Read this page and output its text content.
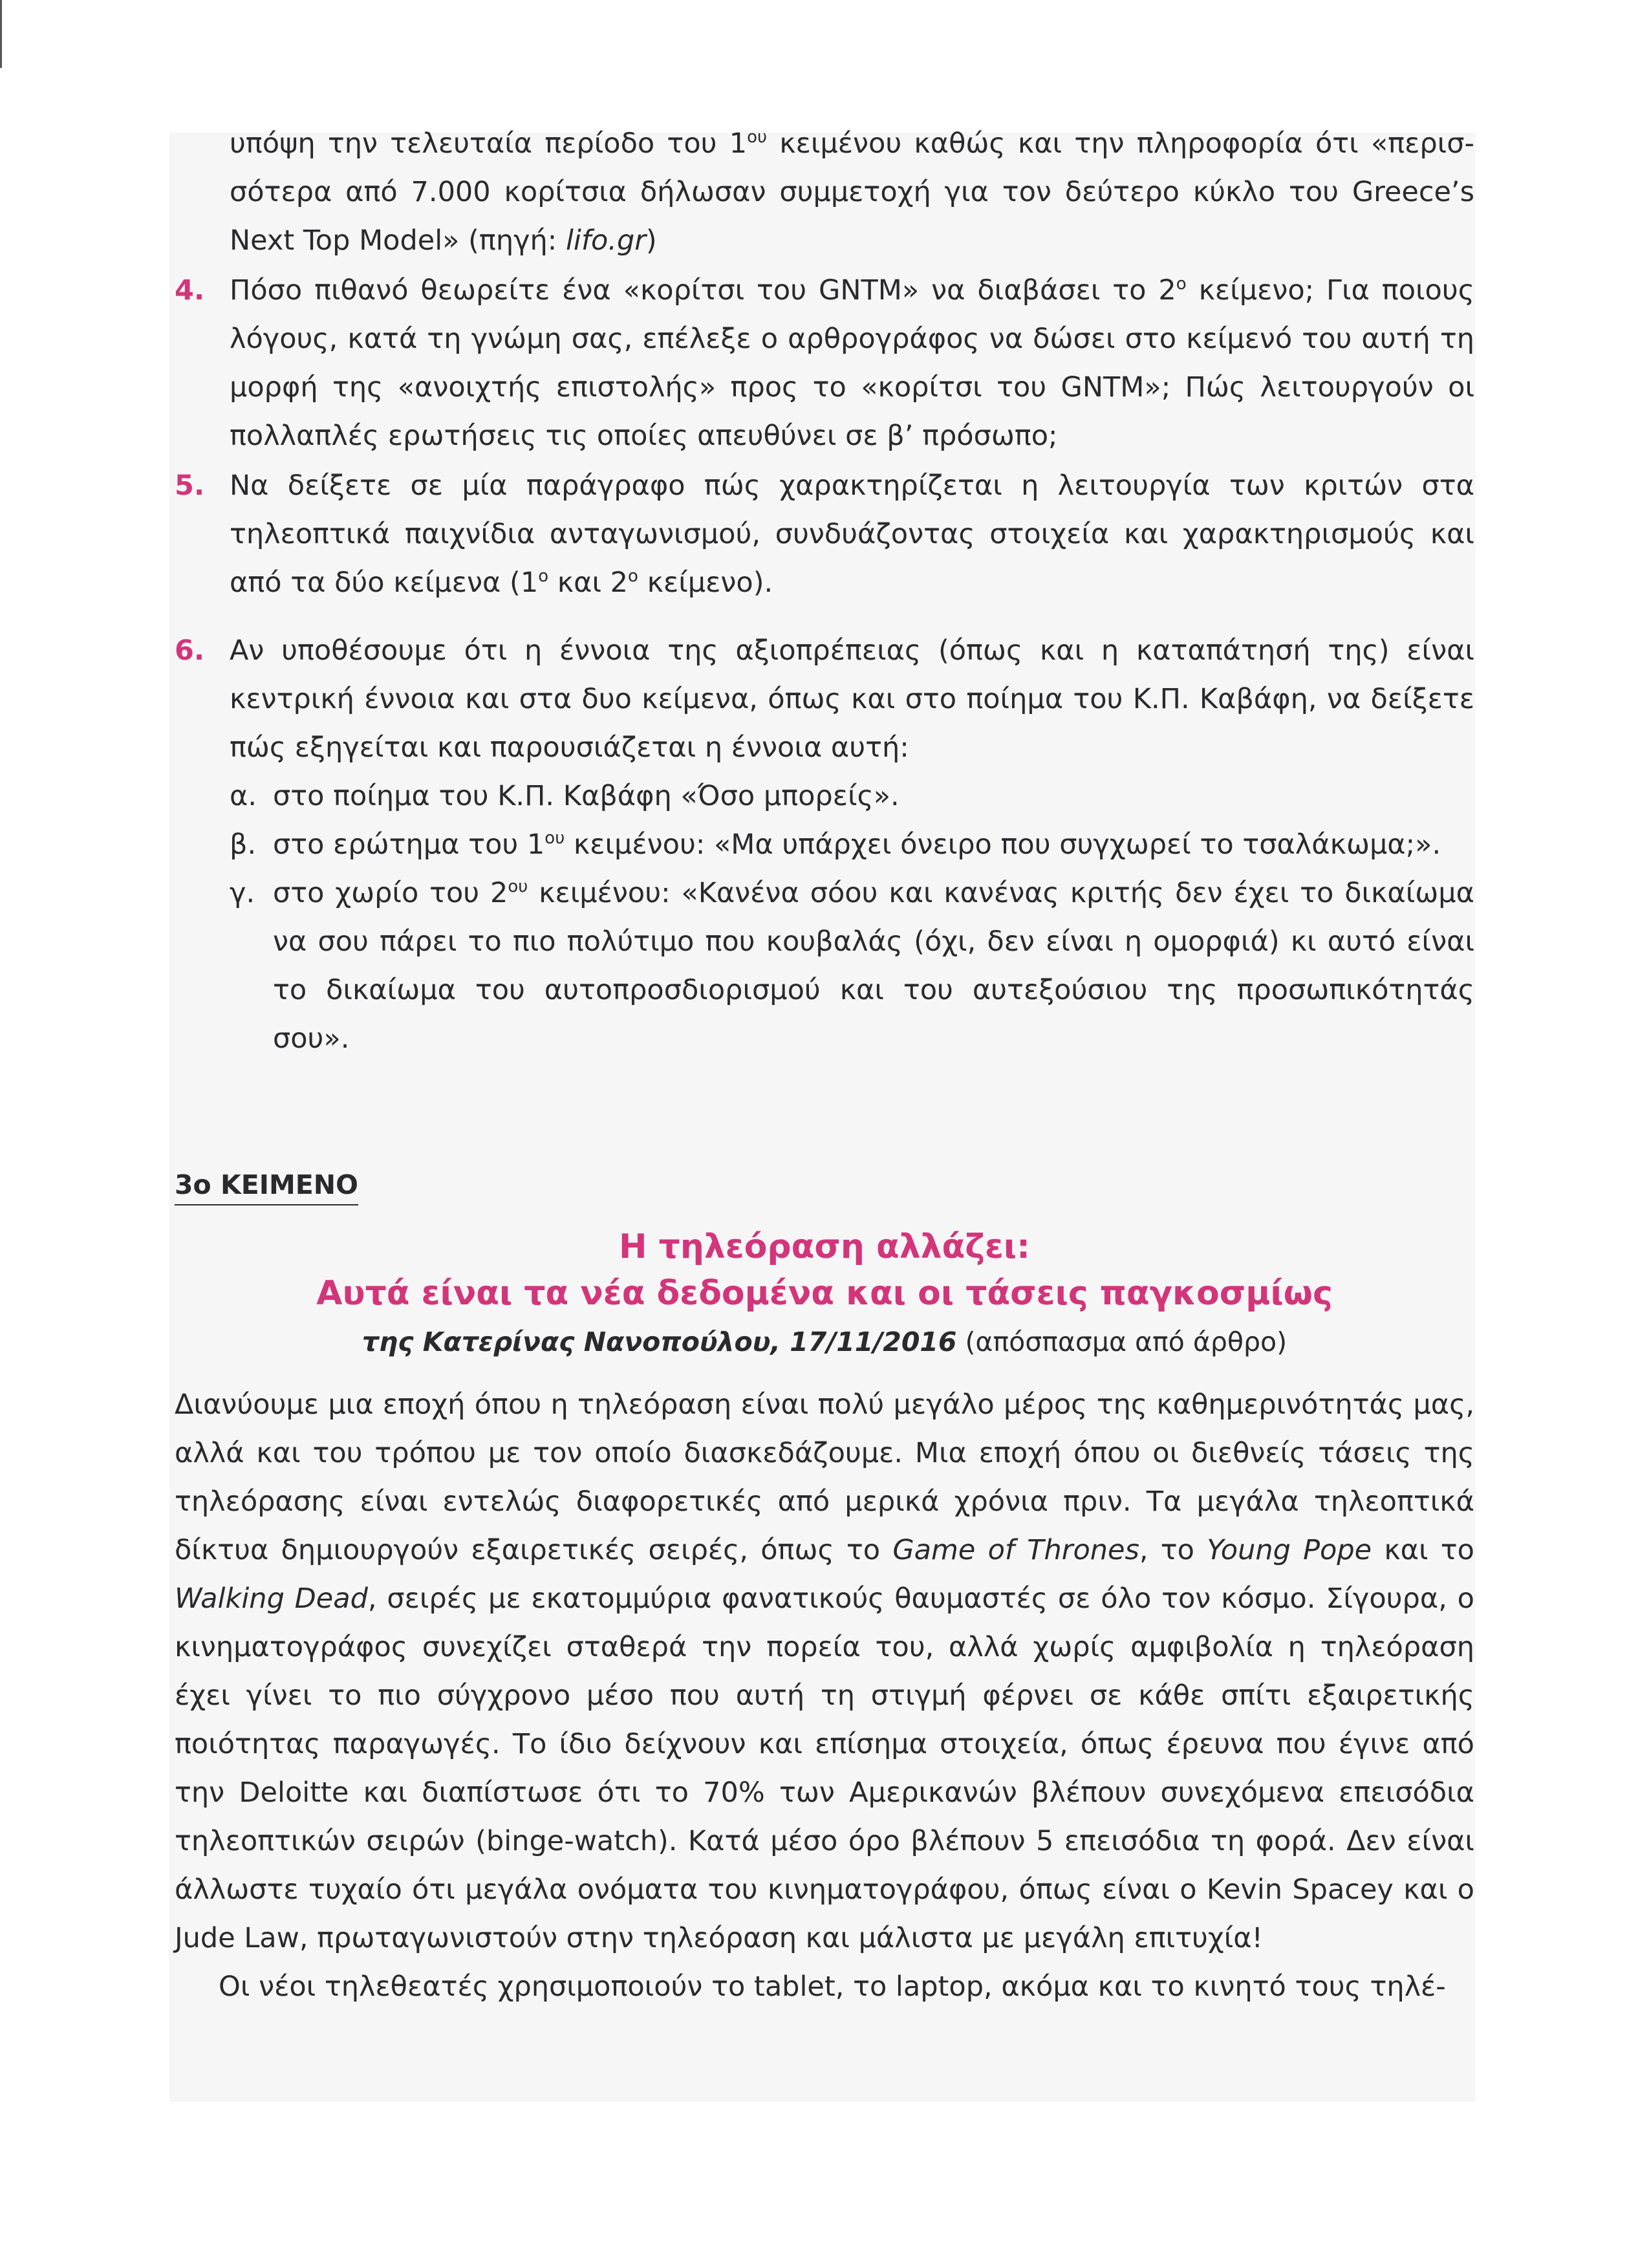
υπόψη την τελευταία περίοδο του $1^{o\upsilon}$ κειμένου καθώς και την πληροφορία ότι «περισσότερα από 7.000 κορίτσια δήλωσαν συμμετοχή για τον δεύτερο κύκλο του Greece’s Next Top Model» (πηγή: lifo.gr)

4. Πόσο πιθανό θεωρείτε ένα «κορίτσι του GNTM» να διαβάσει το $2^o$ κείμενο; Για ποιους λόγους, κατά τη γνώμη σας, επέλεξε ο αρθρογράφος να δώσει στο κείμενό του αυτή τη μορφή της «ανοιχτής επιστολής» προς το «κορίτσι του GNTM»; Πώς λειτουργούν οι πολλαπλές ερωτήσεις τις οποίες απευθύνει σε β’ πρόσωπο;

5. Να δείξετε σε μία παράγραφο πώς χαρακτηρίζεται η λειτουργία των κριτών στα τηλεοπτικά παιχνίδια ανταγωνισμού, συνδυάζοντας στοιχεία και χαρακτηρισμούς και από τα δύο κείμενα ($1^o$ και $2^o$ κείμενο).

6. Αν υποθέσουμε ότι η έννοια της αξιοπρέπειας (όπως και η καταπάτησή της) είναι κεντρική έννοια και στα δυο κείμενα, όπως και στο ποίημα του Κ.Π. Καβάφη, να δείξετε πώς εξηγείται και παρουσιάζεται η έννοια αυτή:

α. στο ποίημα του Κ.Π. Καβάφη «Όσο μπορείς».

β. στο ερώτημα του $1^{o\upsilon}$ κειμένου: «Μα υπάρχει όνειρο που συγχωρεί το τσαλάκωμα;».

γ. στο χωρίο του $2^{o\upsilon}$ κειμένου: «Κανένα σόου και κανένας κριτής δεν έχει το δικαίωμα να σου πάρει το πιο πολύτιμο που κουβαλάς (όχι, δεν είναι η ομορφιά) κι αυτό είναι το δικαίωμα του αυτοπροσδιορισμού και του αυτεξούσιου της προσωπικότητάς σου».

3ο ΚΕΙΜΕΝΟ
Η τηλεόραση αλλάζει:
Αυτά είναι τα νέα δεδομένα και οι τάσεις παγκοσμίως
της Κατερίνας Νανοπούλου, 17/11/2016 (απόσπασμα από άρθρο)

Διανύουμε μια εποχή όπου η τηλεόραση είναι πολύ μεγάλο μέρος της καθημερινότητάς μας, αλλά και του τρόπου με τον οποίο διασκεδάζουμε. Μια εποχή όπου οι διεθνείς τάσεις της τηλεόρασης είναι εντελώς διαφορετικές από μερικά χρόνια πριν. Τα μεγάλα τηλεοπτικά δίκτυα δημιουργούν εξαιρετικές σειρές, όπως το Game of Thrones, το Young Pope και το Walking Dead, σειρές με εκατομμύρια φανατικούς θαυμαστές σε όλο τον κόσμο. Σίγουρα, ο κινηματογράφος συνεχίζει σταθερά την πορεία του, αλλά χωρίς αμφιβολία η τηλεόραση έχει γίνει το πιο σύγχρονο μέσο που αυτή τη στιγμή φέρνει σε κάθε σπίτι εξαιρετικής ποιότητας παραγωγές. Το ίδιο δείχνουν και επίσημα στοιχεία, όπως έρευνα που έγινε από την Deloitte και διαπίστωσε ότι το 70% των Αμερικανών βλέπουν συνεχόμενα επεισόδια τηλεοπτικών σειρών (binge-watch). Κατά μέσο όρο βλέπουν 5 επεισόδια τη φορά. Δεν είναι άλλωστε τυχαίο ότι μεγάλα ονόματα του κινηματογράφου, όπως είναι ο Kevin Spacey και ο Jude Law, πρωταγωνιστούν στην τηλεόραση και μάλιστα με μεγάλη επιτυχία!

Οι νέοι τηλεθεατές χρησιμοποιούν το tablet, το laptop, ακόμα και το κινητό τους τηλέ-
